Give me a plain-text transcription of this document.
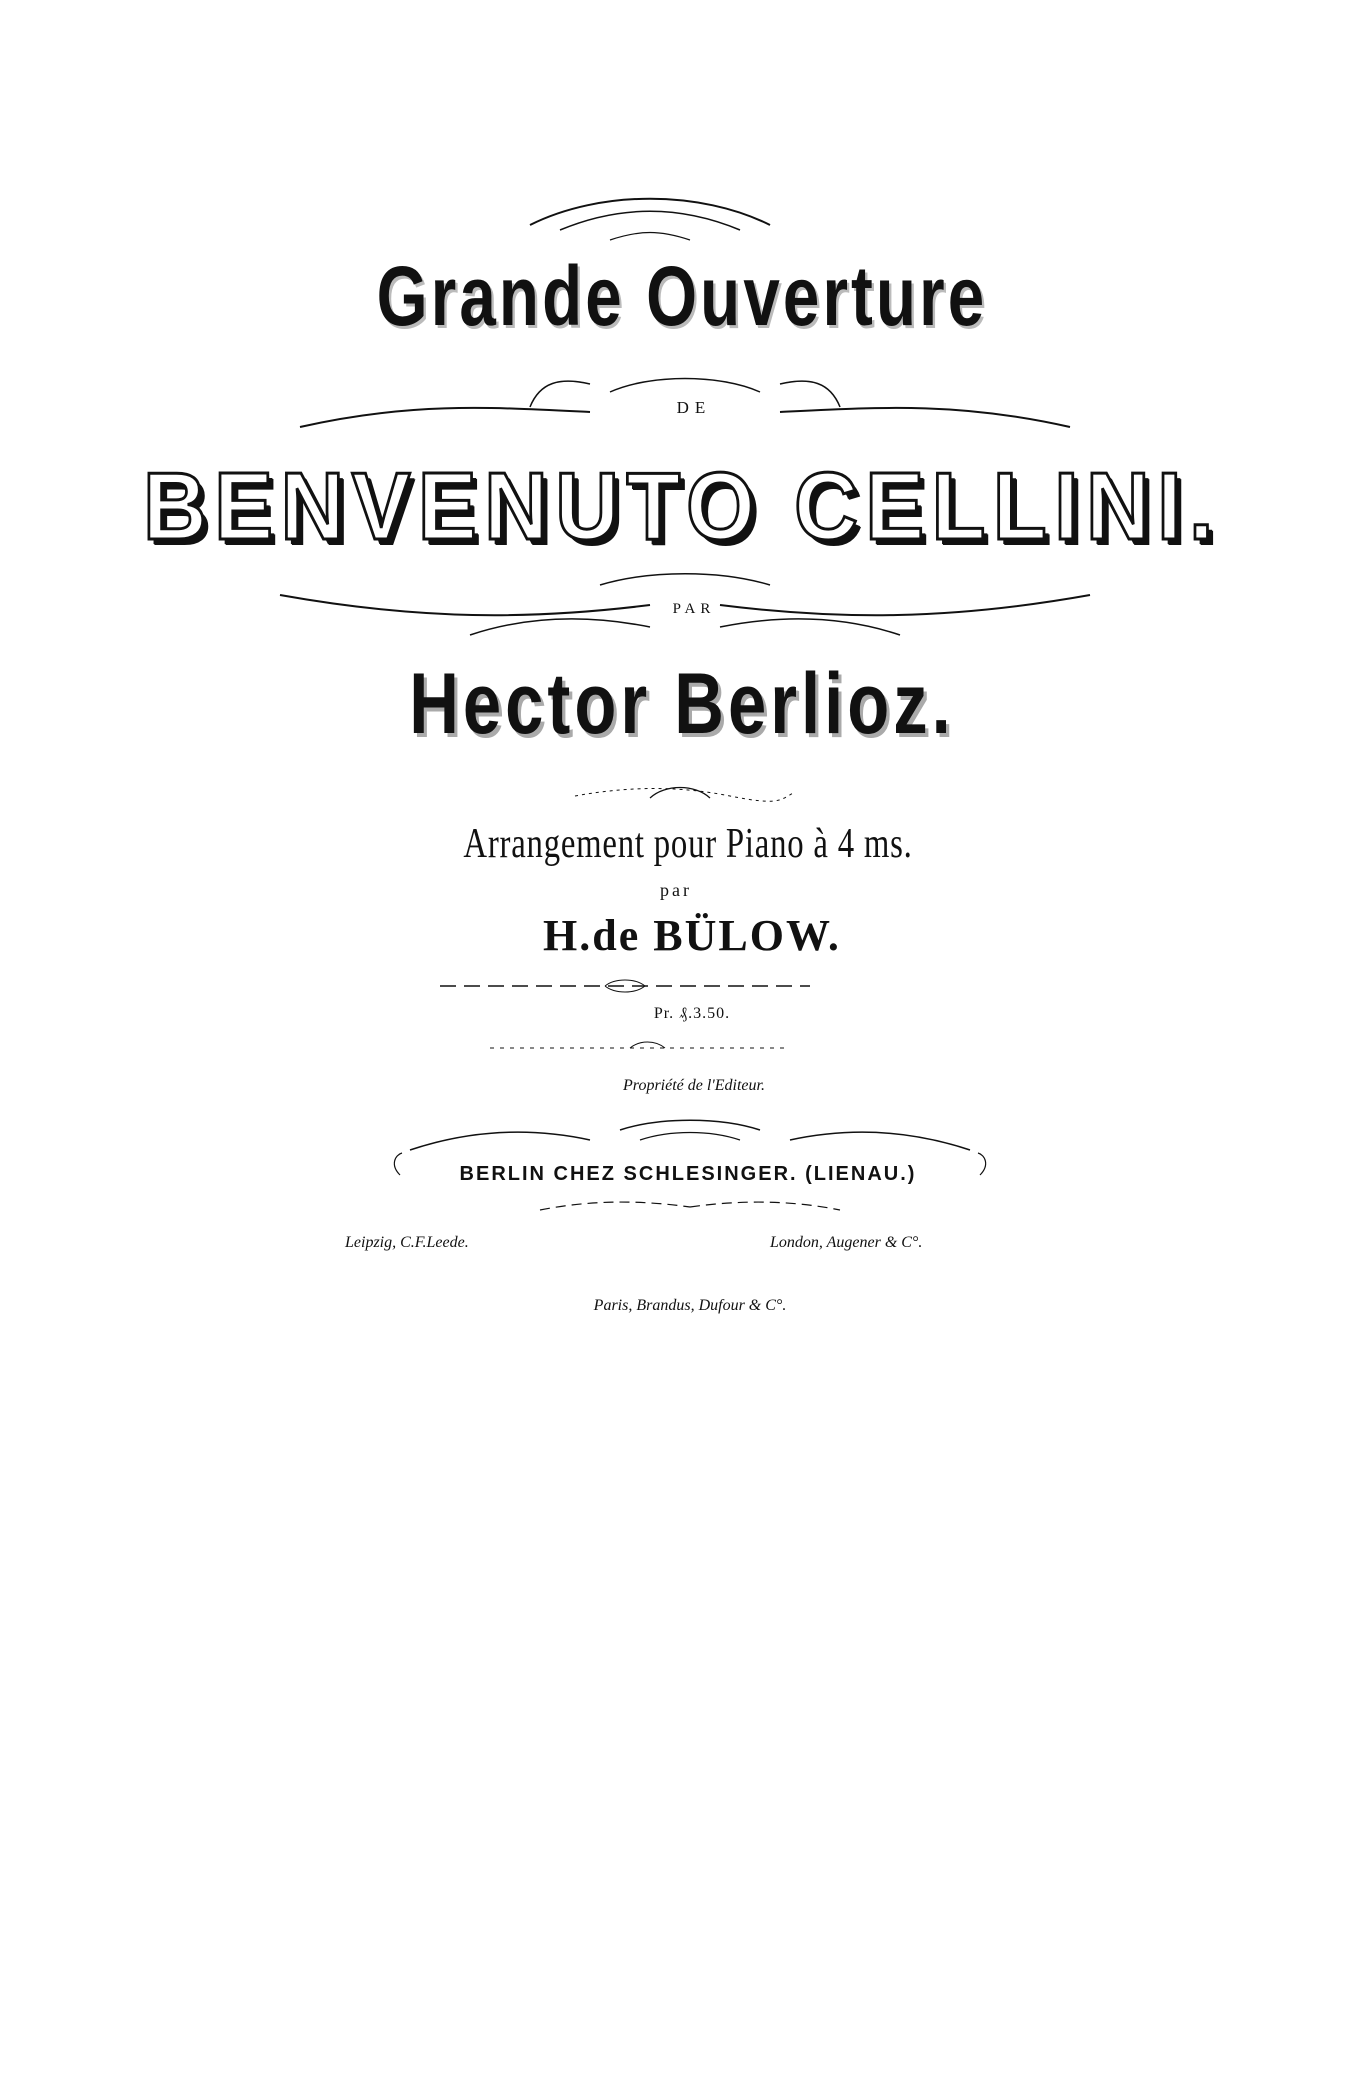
Grande Ouverture
DE
BENVENUTO CELLINI.
PAR
Hector Berlioz.
Arrangement pour Piano à 4 ms.
par
H.de BÜLOW.
Pr. ₰.3.50.
Propriété de l'Editeur.
BERLIN CHEZ SCHLESINGER. (LIENAU.)
Leipzig, C.F.Leede.	London, Augener & C°.
Paris, Brandus, Dufour & C°.
